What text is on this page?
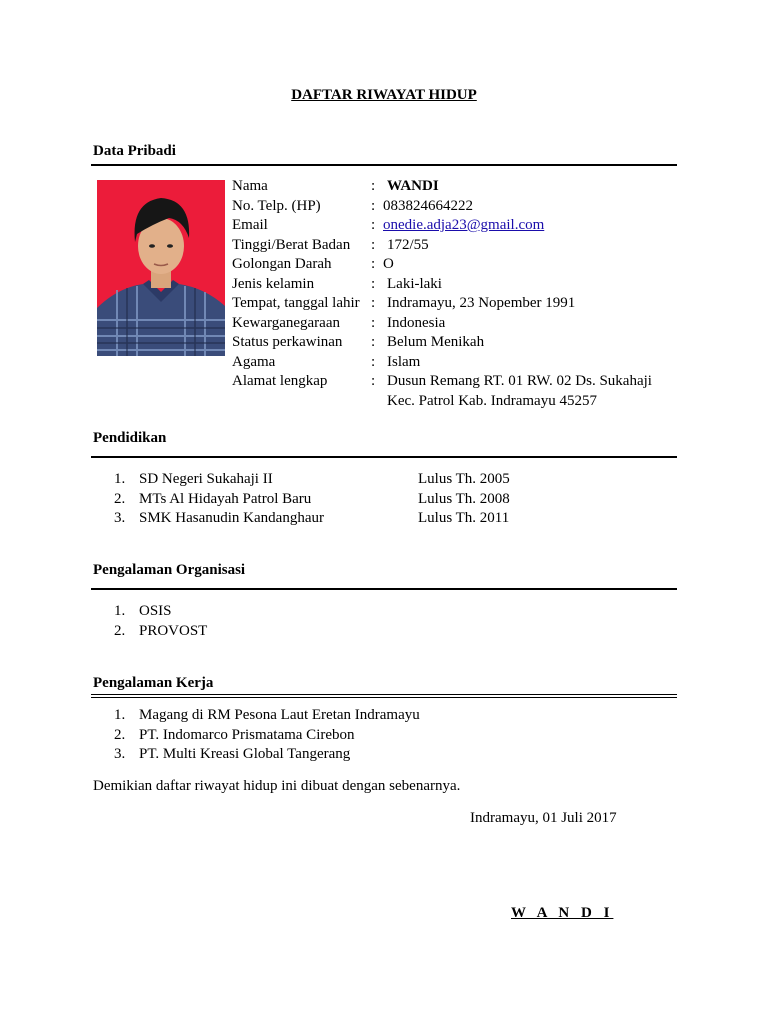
DAFTAR RIWAYAT HIDUP
Data Pribadi
Nama	: WANDI
No. Telp. (HP)	: 083824664222
Email	: onedie.adja23@gmail.com
Tinggi/Berat Badan : 172/55
Golongan Darah	: O
Jenis kelamin	: Laki-laki
Tempat, tanggal lahir : Indramayu, 23 Nopember 1991
Kewarganegaraan : Indonesia
Status perkawinan : Belum Menikah
Agama	: Islam
Alamat lengkap	: Dusun Remang RT. 01 RW. 02 Ds. Sukahaji
Kec. Patrol Kab. Indramayu 45257
Pendidikan
1. SD Negeri Sukahaji II	Lulus Th. 2005
2. MTs Al Hidayah Patrol Baru	Lulus Th. 2008
3. SMK Hasanudin Kandanghaur	Lulus Th. 2011
Pengalaman Organisasi
1. OSIS
2. PROVOST
Pengalaman Kerja
1. Magang di RM Pesona Laut Eretan Indramayu
2. PT. Indomarco Prismatama Cirebon
3. PT. Multi Kreasi Global Tangerang
Demikian daftar riwayat hidup ini dibuat dengan sebenarnya.
Indramayu, 01 Juli 2017
W A N D I
